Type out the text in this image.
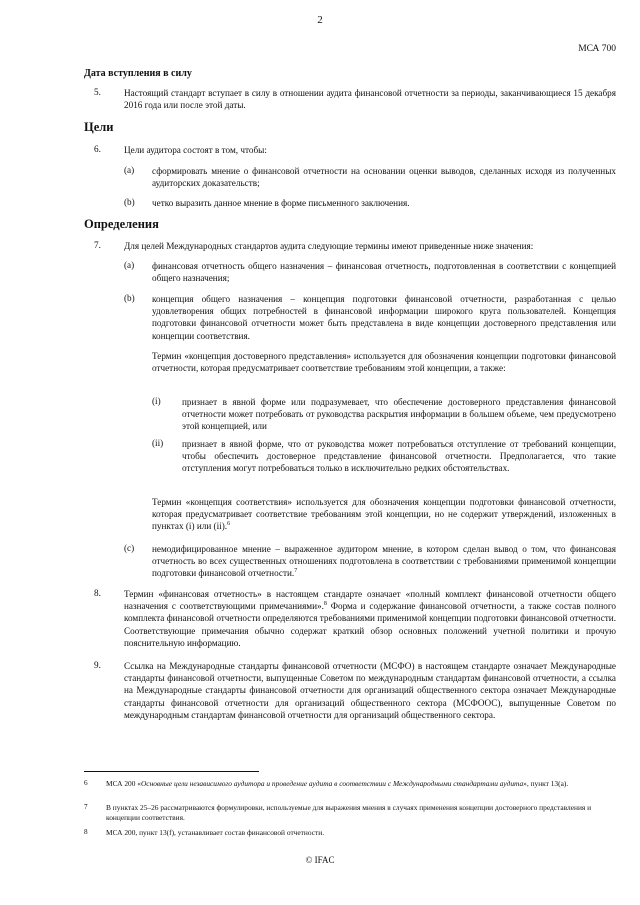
2
МСА 700
Дата вступления в силу
5.	Настоящий стандарт вступает в силу в отношении аудита финансовой отчетности за периоды, заканчивающиеся 15 декабря 2016 года или после этой даты.
Цели
6.	Цели аудитора состоят в том, чтобы:
(a) сформировать мнение о финансовой отчетности на основании оценки выводов, сделанных исходя из полученных аудиторских доказательств;
(b) четко выразить данное мнение в форме письменного заключения.
Определения
7.	Для целей Международных стандартов аудита следующие термины имеют приведенные ниже значения:
(a) финансовая отчетность общего назначения – финансовая отчетность, подготовленная в соответствии с концепцией общего назначения;
(b) концепция общего назначения – концепция подготовки финансовой отчетности, разработанная с целью удовлетворения общих потребностей в финансовой информации широкого круга пользователей. Концепция подготовки финансовой отчетности может быть представлена в виде концепции достоверного представления или концепции соответствия.
Термин «концепция достоверного представления» используется для обозначения концепции подготовки финансовой отчетности, которая предусматривает соответствие требованиям этой концепции, а также:
(i) признает в явной форме или подразумевает, что обеспечение достоверного представления финансовой отчетности может потребовать от руководства раскрытия информации в большем объеме, чем предусмотрено этой концепцией, или
(ii) признает в явной форме, что от руководства может потребоваться отступление от требований концепции, чтобы обеспечить достоверное представление финансовой отчетности. Предполагается, что такие отступления могут потребоваться только в исключительно редких обстоятельствах.
Термин «концепция соответствия» используется для обозначения концепции подготовки финансовой отчетности, которая предусматривает соответствие требованиям этой концепции, но не содержит утверждений, изложенных в пунктах (i) или (ii).$^6$
(c) немодифицированное мнение – выраженное аудитором мнение, в котором сделан вывод о том, что финансовая отчетность во всех существенных отношениях подготовлена в соответствии с требованиями применимой концепции подготовки финансовой отчетности.$^7$
8.	Термин «финансовая отчетность» в настоящем стандарте означает «полный комплект финансовой отчетности общего назначения с соответствующими примечаниями».$^8$ Форма и содержание финансовой отчетности, а также состав полного комплекта финансовой отчетности определяются требованиями применимой концепции подготовки финансовой отчетности. Соответствующие примечания обычно содержат краткий обзор основных положений учетной политики и прочую пояснительную информацию.
9.	Ссылка на Международные стандарты финансовой отчетности (МСФО) в настоящем стандарте означает Международные стандарты финансовой отчетности, выпущенные Советом по международным стандартам финансовой отчетности, а ссылка на Международные стандарты финансовой отчетности для организаций общественного сектора означает Международные стандарты финансовой отчетности для организаций общественного сектора (МСФООС), выпущенные Советом по международным стандартам финансовой отчетности для организаций общественного сектора.
6 МСА 200 «Основные цели независимого аудитора и проведение аудита в соответствии с Международными стандартами аудита», пункт 13(a).
7 В пунктах 25–26 рассматриваются формулировки, используемые для выражения мнения в случаях применения концепции достоверного представления и концепции соответствия.
8 МСА 200, пункт 13(f), устанавливает состав финансовой отчетности.
© IFAC
